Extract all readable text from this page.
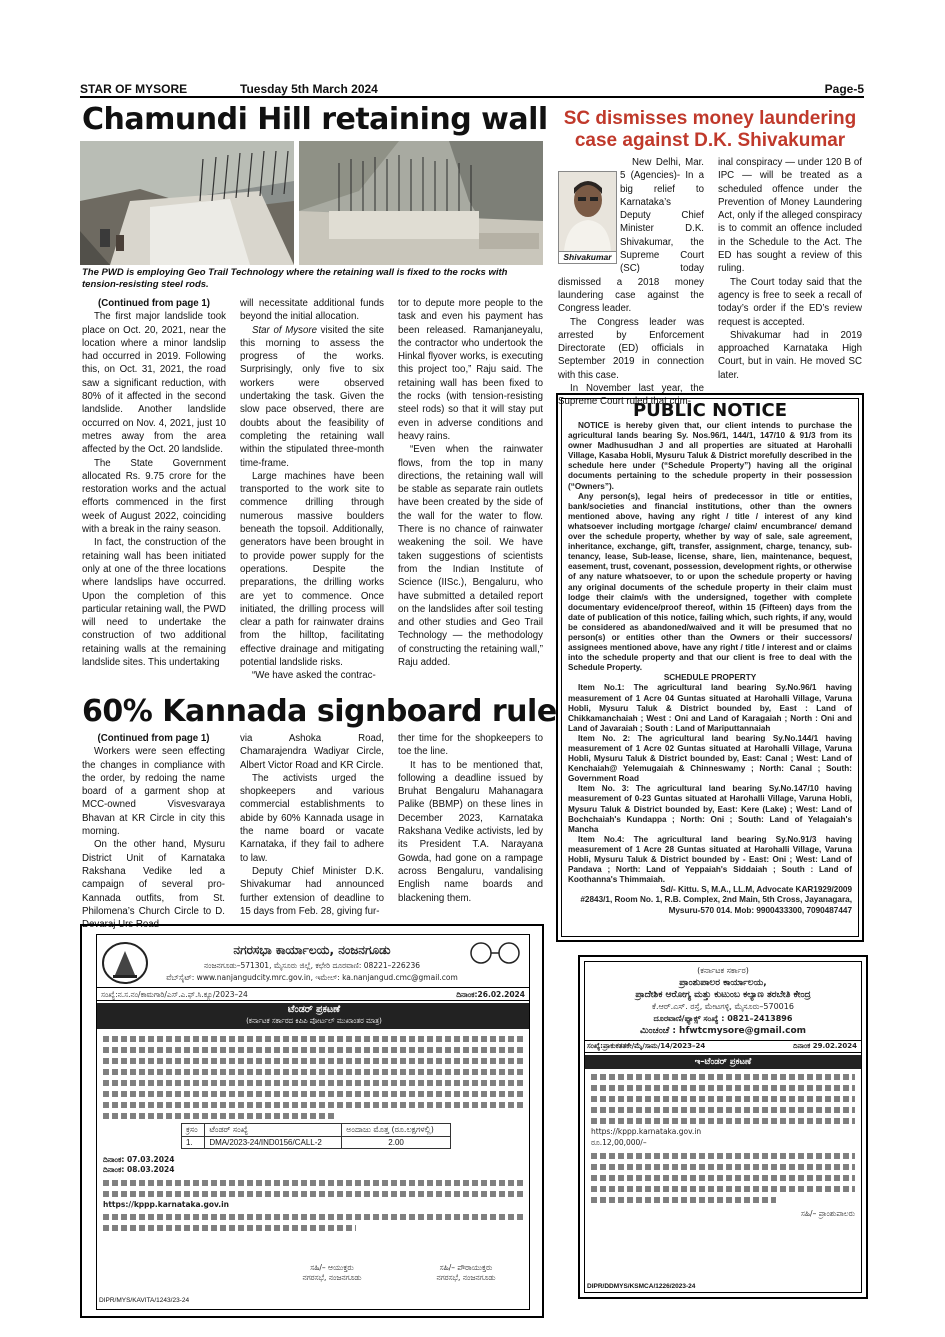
STAR OF MYSORE	Tuesday 5th March 2024	Page-5
Chamundi Hill retaining wall
The PWD is employing Geo Trail Technology where the retaining wall is fixed to the rocks with tension-resisting steel rods.

(Continued from page 1)

The first major landslide took place on Oct. 20, 2021, near the location where a minor landslip had occurred in 2019. Following this, on Oct. 31, 2021, the road saw a significant reduction, with 80% of it affected in the second landslide. Another landslide occurred on Nov. 4, 2021, just 10 metres away from the area affected by the Oct. 20 landslide.

The State Government allocated Rs. 9.75 crore for the restoration works and the actual efforts commenced in the first week of August 2022, coinciding with a break in the rainy season.

In fact, the construction of the retaining wall has been initiated only at one of the three locations where landslips have occurred. Upon the completion of this particular retaining wall, the PWD will need to undertake the construction of two additional retaining walls at the remaining landslide sites. This undertaking

will necessitate additional funds beyond the initial allocation.

Star of Mysore visited the site this morning to assess the progress of the works. Surprisingly, only five to six workers were observed undertaking the task. Given the slow pace observed, there are doubts about the feasibility of completing the retaining wall within the stipulated three-month time-frame.

Large machines have been transported to the work site to commence drilling through numerous massive boulders beneath the topsoil. Additionally, generators have been brought in to provide power supply for the operations. Despite the preparations, the drilling works are yet to commence. Once initiated, the drilling process will clear a path for rainwater drains from the hilltop, facilitating effective drainage and mitigating potential landslide risks.

“We have asked the contrac-

tor to depute more people to the task and even his payment has been released. Ramanjaneyalu, the contractor who undertook the Hinkal flyover works, is executing this project too,” Raju said. The retaining wall has been fixed to the rocks (with tension-resisting steel rods) so that it will stay put even in adverse conditions and heavy rains.

“Even when the rainwater flows, from the top in many directions, the retaining wall will be stable as separate rain outlets have been created by the side of the wall for the water to flow. There is no chance of rainwater weakening the soil. We have taken suggestions of scientists from the Indian Institute of Science (IISc.), Bengaluru, who have submitted a detailed report on the landslides after soil testing and other studies and Geo Trail Technology — the methodology of constructing the retaining wall,” Raju added.

SC dismisses money laundering case against D.K. Shivakumar
Shivakumar

New Delhi, Mar. 5 (Agencies)- In a big relief to Karnataka’s Deputy Chief Minister D.K. Shivakumar, the Supreme Court (SC) today dismissed a 2018 money laundering case against the Congress leader.

The Congress leader was arrested by Enforcement Directorate (ED) officials in September 2019 in connection with this case.

In November last year, the Supreme Court ruled that crim-

inal conspiracy — under 120 B of IPC — will be treated as a scheduled offence under the Prevention of Money Laundering Act, only if the alleged conspiracy is to commit an offence included in the Schedule to the Act. The ED has sought a review of this ruling.

The Court today said that the agency is free to seek a recall of today’s order if the ED’s review request is accepted.

Shivakumar had in 2019 approached Karnataka High Court, but in vain. He moved SC later.

PUBLIC NOTICE

NOTICE is hereby given that, our client intends to purchase the agricultural lands bearing Sy. Nos.96/1, 144/1, 147/10 & 91/3 from its owner Madhusudhan J and all properties are situated at Harohalli Village, Kasaba Hobli, Mysuru Taluk & District morefully described in the schedule here under (“Schedule Property”) having all the original documents pertaining to the schedule property in their possession (“Owners”).

Any person(s), legal heirs of predecessor in title or entities, bank/societies and financial institutions, other than the owners mentioned above, having any right / title / interest of any kind whatsoever including mortgage /charge/ claim/ encumbrance/ demand over the schedule property, whether by way of sale, sale agreement, inheritance, exchange, gift, transfer, assignment, charge, tenancy, sub-tenancy, lease, Sub-lease, license, share, lien, maintenance, bequest, easement, trust, covenant, possession, development rights, or otherwise of any nature whatsoever, to or upon the schedule property or having any original documents of the schedule property in their claim must lodge their claim/s with the undersigned, together with complete documentary evidence/proof thereof, within 15 (Fifteen) days from the date of publication of this notice, failing which, such rights, if any, would be considered as abandoned/waived and it will be presumed that no person(s) or entities other than the Owners or their successors/ assignees mentioned above, have any right / title / interest and or claims into the schedule property and that our client is free to deal with the Schedule Property.

SCHEDULE PROPERTY

Item No.1: The agricultural land bearing Sy.No.96/1 having measurement of 1 Acre 04 Guntas situated at Harohalli Village, Varuna Hobli, Mysuru Taluk & District bounded by, East : Land of Chikkamanchaiah ; West : Oni and Land of Karagaiah ; North : Oni and Land of Javaraiah ; South : Land of Mariputtannaiah

Item No. 2: The agricultural land bearing Sy.No.144/1 having measurement of 1 Acre 02 Guntas situated at Harohalli Village, Varuna Hobli, Mysuru Taluk & District bounded by, East: Canal ; West: Land of Kenchaiah@ Yelemugaiah & Chinneswamy ; North: Canal ; South: Government Road

Item No. 3: The agricultural land bearing Sy.No.147/10 having measurement of 0-23 Guntas situated at Harohalli Village, Varuna Hobli, Mysuru Taluk & District bounded by, East: Kere (Lake) ; West: Land of Bochchaiah's Kundappa ; North: Oni ; South: Land of Yelagaiah's Mancha

Item No.4: The agricultural land bearing Sy.No.91/3 having measurement of 1 Acre 28 Guntas situated at Harohalli Village, Varuna Hobli, Mysuru Taluk & District bounded by - East: Oni ; West: Land of Pandava ; North: Land of Yeppaiah's Siddaiah ; South : Land of Koothanna's Thimmaiah.

Sd/- Kittu. S, M.A., LL.M, Advocate KAR1929/2009

#2843/1, Room No. 1, R.B. Complex, 2nd Main, 5th Cross, Jayanagara, Mysuru-570 014. Mob: 9900433300, 7090487447

60% Kannada signboard rule

(Continued from page 1)

Workers were seen effecting the changes in compliance with the order, by redoing the name board of a garment shop at MCC-owned Visvesvaraya Bhavan at KR Circle in city this morning.

On the other hand, Mysuru District Unit of Karnataka Rakshana Vedike led a campaign of several pro-Kannada outfits, from St. Philomena’s Church Circle to D. Devaraj Urs Road

via Ashoka Road, Chamarajendra Wadiyar Circle, Albert Victor Road and KR Circle.

The activists urged the shopkeepers and various commercial establishments to abide by 60% Kannada usage in the name board or vacate Karnataka, if they fail to adhere to law.

Deputy Chief Minister D.K. Shivakumar had announced further extension of deadline to 15 days from Feb. 28, giving fur-

ther time for the shopkeepers to toe the line.

It has to be mentioned that, following a deadline issued by Bruhat Bengaluru Mahanagara Palike (BBMP) on these lines in December 2023, Karnataka Rakshana Vedike activists, led by its President T.A. Narayana Gowda, had gone on a rampage across Bengaluru, vandalising English name boards and blackening them.

ನಗರಸಭಾ ಕಾರ್ಯಾಲಯ, ನಂಜನಗೂಡು
ನಂಜನಗೂಡು–571301, ಮೈಸೂರು ಜಿಲ್ಲೆ, ಕಛೇರಿ ದೂರವಾಣಿ: 08221–226236
ವೆಬ್‌ಸೈಟ್: www.nanjangudcity.mrc.gov.in, ಇಮೇಲ್: ka.nanjangud.cmc@gmail.com
ಸಂಖ್ಯೆ:ನ.ಸ.ನಂ/ಕಾಮಗಾರಿ/ಎಸ್.ಎ.ಫ್.ಸಿ.ಕ್ಯೂ/2023–24	ದಿನಾಂಕ:26.02.2024
ಟೆಂಡರ್ ಪ್ರಕಟಣೆ
(ಕರ್ನಾಟಕ ಸರ್ಕಾರದ ಕಿಪಿಪಿ ಪೋರ್ಟಲ್ ಮುಖಾಂತರ ಮಾತ್ರ)
ಕ್ರಸಂ	ಟೆಂಡರ್ ಸಂಖ್ಯೆ	ಅಂದಾಜು ಮೊತ್ತ (ರೂ.ಲಕ್ಷಗಳಲ್ಲಿ)
1.	DMA/2023-24/IND0156/CALL-2	2.00
ದಿನಾಂಕ: 07.03.2024
ದಿನಾಂಕ: 08.03.2024
https://kppp.karnataka.gov.in
ಸಹಿ/– ಆಯುಕ್ತರು
ನಗರಸಭೆ, ನಂಜನಗೂಡು
ಸಹಿ/– ಪೌರಾಯುಕ್ತರು
ನಗರಸಭೆ, ನಂಜನಗೂಡು
DIPR/MYS/KAVITA/1243/23-24
(ಕರ್ನಾಟಕ ಸರ್ಕಾರ)
ಪ್ರಾಂಶುಪಾಲರ ಕಾರ್ಯಾಲಯ,
ಪ್ರಾದೇಶಿಕ ಆರೋಗ್ಯ ಮತ್ತು ಕುಟುಂಬ ಕಲ್ಯಾಣ ತರಬೇತಿ ಕೇಂದ್ರ
ಕೆ.ಆರ್.ಎಸ್. ರಸ್ತೆ, ಮೇಟಗಳ್ಳಿ, ಮೈಸೂರು–570016
ದೂರವಾಣಿ/ಫ್ಯಾಕ್ಸ್ ಸಂಖ್ಯೆ : 0821–2413896
ಮಿಂಚಂಚೆ : hfwtcmysore@gmail.com
ಸಂಖ್ಯೆ:ಪ್ರಾಕುಕತತಕೇ/ಮೈ/ಸಾಮ/14/2023–24	ದಿನಾಂಕ 29.02.2024
ಇ–ಟೆಂಡರ್ ಪ್ರಕಟಣೆ
https://kppp.karnataka.gov.in
ರೂ.12,00,000/–
ಸಹಿ/– ಪ್ರಾಂಶುಪಾಲರು
DIPR/DDMYS/KSMCA/1226/2023-24
